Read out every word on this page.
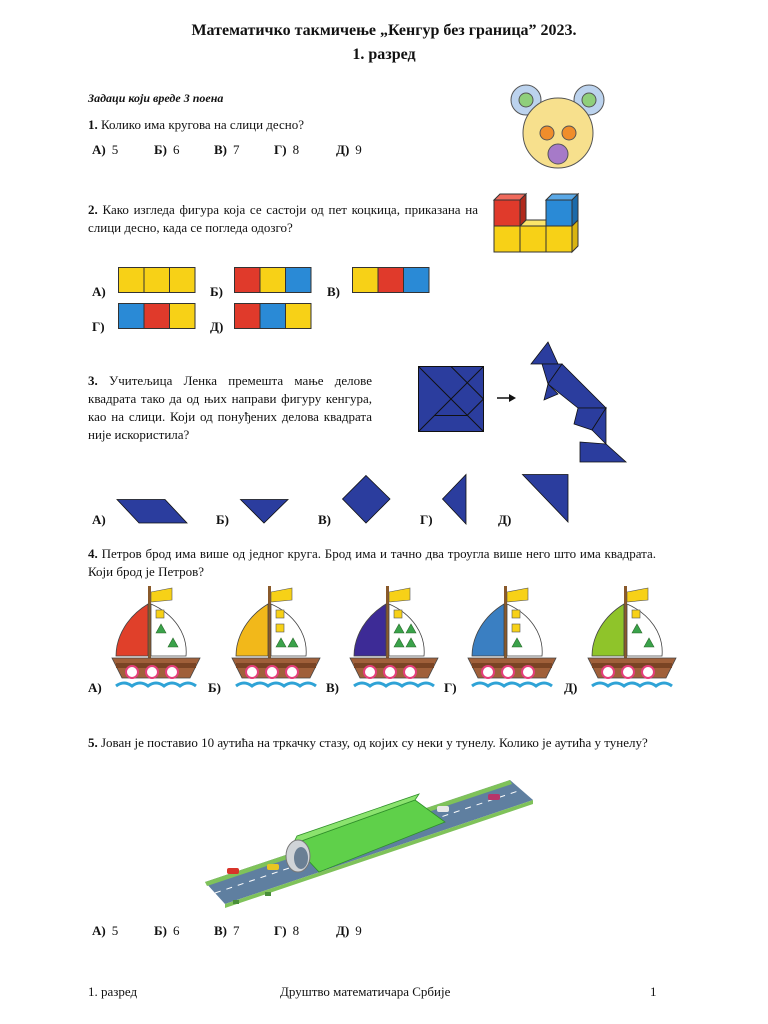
Математичко такмичење „Кенгур без граница” 2023.
1. разред
Задаци који вреде 3 поена
1. Колико има кругова на слици десно?
А) 5	Б) 6	В) 7	Г) 8	Д) 9
2. Како изгледа фигура која се састоји од пет коцкица, приказана на слици десно, када се погледа одозго?
А)	Б)	В)
Г)	Д)
3. Учитељица Ленка премешта мање делове квадрата тако да од њих направи фигуру кенгура, као на слици. Који од понуђених делова квадрата није искористила?
А)	Б)	В)	Г)	Д)
4. Петров брод има више од једног круга. Брод има и тачно два троугла више него што има квадрата. Који брод је Петров?
А)	Б)	В)	Г)	Д)
5. Јован је поставио 10 аутића на тркачку стазу, од којих су неки у тунелу. Колико је аутића у тунелу?
А) 5	Б) 6	В) 7	Г) 8	Д) 9
1. разред	Друштво математичара Србије	1
